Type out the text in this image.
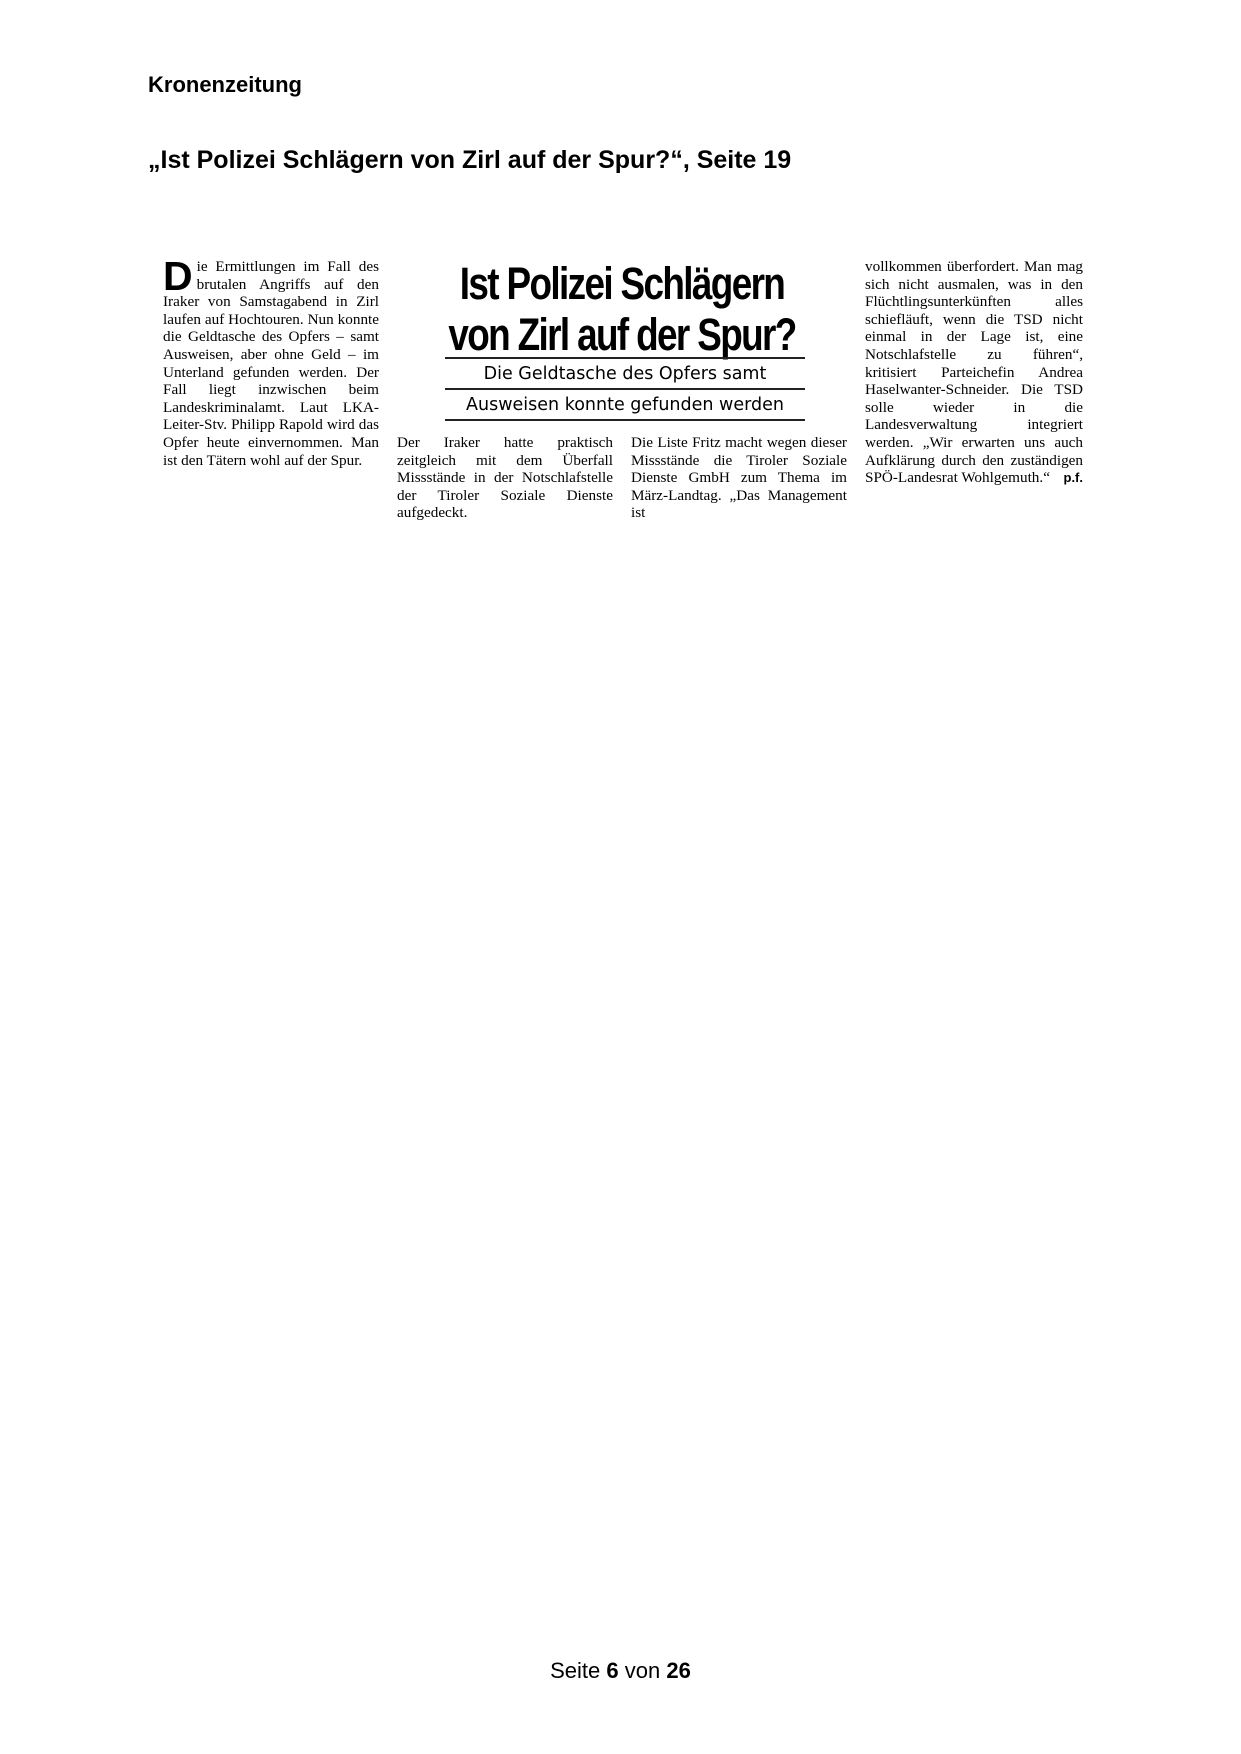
Kronenzeitung
„Ist Polizei Schlägern von Zirl auf der Spur?“, Seite 19
Die Ermittlungen im Fall des brutalen Angriffs auf den Iraker von Samstagabend in Zirl laufen auf Hochtouren. Nun konnte die Geldtasche des Opfers – samt Ausweisen, aber ohne Geld – im Unterland gefunden werden. Der Fall liegt inzwischen beim Landeskriminalamt. Laut LKA-Leiter-Stv. Philipp Rapold wird das Opfer heute einvernommen. Man ist den Tätern wohl auf der Spur.
Ist Polizei Schlägern
von Zirl auf der Spur?
Die Geldtasche des Opfers samt
Ausweisen konnte gefunden werden
Der Iraker hatte praktisch zeitgleich mit dem Überfall Missstände in der Notschlafstelle der Tiroler Soziale Dienste aufgedeckt.
Die Liste Fritz macht wegen dieser Missstände die Tiroler Soziale Dienste GmbH zum Thema im März-Landtag. „Das Management ist
vollkommen überfordert. Man mag sich nicht ausmalen, was in den Flüchtlingsunterkünften alles schiefläuft, wenn die TSD nicht einmal in der Lage ist, eine Notschlafstelle zu führen“, kritisiert Parteichefin Andrea Haselwanter-Schneider. Die TSD solle wieder in die Landesverwaltung integriert werden. „Wir erwarten uns auch Aufklärung durch den zuständigen SPÖ-Landesrat Wohlgemuth.“ p.f.
Seite 6 von 26
